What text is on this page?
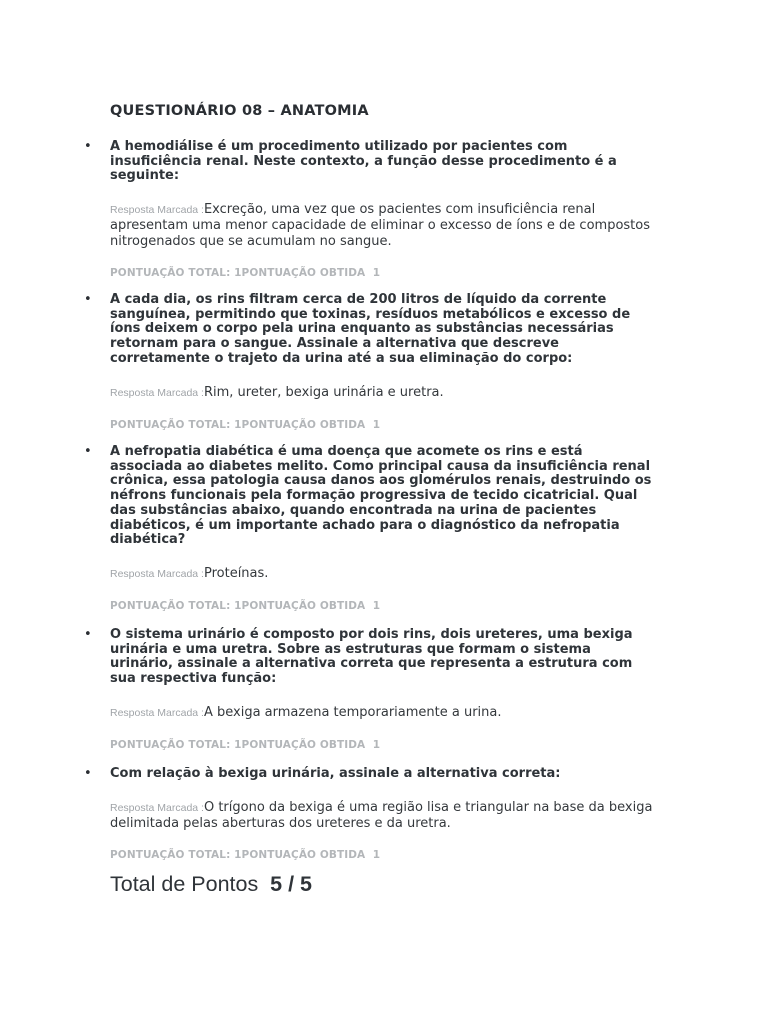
QUESTIONÁRIO 08 – ANATOMIA
• A hemodiálise é um procedimento utilizado por pacientes com insuficiência renal. Neste contexto, a função desse procedimento é a seguinte:
Resposta Marcada :Excreção, uma vez que os pacientes com insuficiência renal apresentam uma menor capacidade de eliminar o excesso de íons e de compostos nitrogenados que se acumulam no sangue.
PONTUAÇÃO TOTAL: 1PONTUAÇÃO OBTIDA  1
• A cada dia, os rins filtram cerca de 200 litros de líquido da corrente sanguínea, permitindo que toxinas, resíduos metabólicos e excesso de íons deixem o corpo pela urina enquanto as substâncias necessárias retornam para o sangue. Assinale a alternativa que descreve corretamente o trajeto da urina até a sua eliminação do corpo:
Resposta Marcada :Rim, ureter, bexiga urinária e uretra.
PONTUAÇÃO TOTAL: 1PONTUAÇÃO OBTIDA  1
• A nefropatia diabética é uma doença que acomete os rins e está associada ao diabetes melito. Como principal causa da insuficiência renal crônica, essa patologia causa danos aos glomérulos renais, destruindo os néfrons funcionais pela formação progressiva de tecido cicatricial. Qual das substâncias abaixo, quando encontrada na urina de pacientes diabéticos, é um importante achado para o diagnóstico da nefropatia diabética?
Resposta Marcada :Proteínas.
PONTUAÇÃO TOTAL: 1PONTUAÇÃO OBTIDA  1
• O sistema urinário é composto por dois rins, dois ureteres, uma bexiga urinária e uma uretra. Sobre as estruturas que formam o sistema urinário, assinale a alternativa correta que representa a estrutura com sua respectiva função:
Resposta Marcada :A bexiga armazena temporariamente a urina.
PONTUAÇÃO TOTAL: 1PONTUAÇÃO OBTIDA  1
• Com relação à bexiga urinária, assinale a alternativa correta:
Resposta Marcada :O trígono da bexiga é uma região lisa e triangular na base da bexiga delimitada pelas aberturas dos ureteres e da uretra.
PONTUAÇÃO TOTAL: 1PONTUAÇÃO OBTIDA  1
Total de Pontos  5 / 5
